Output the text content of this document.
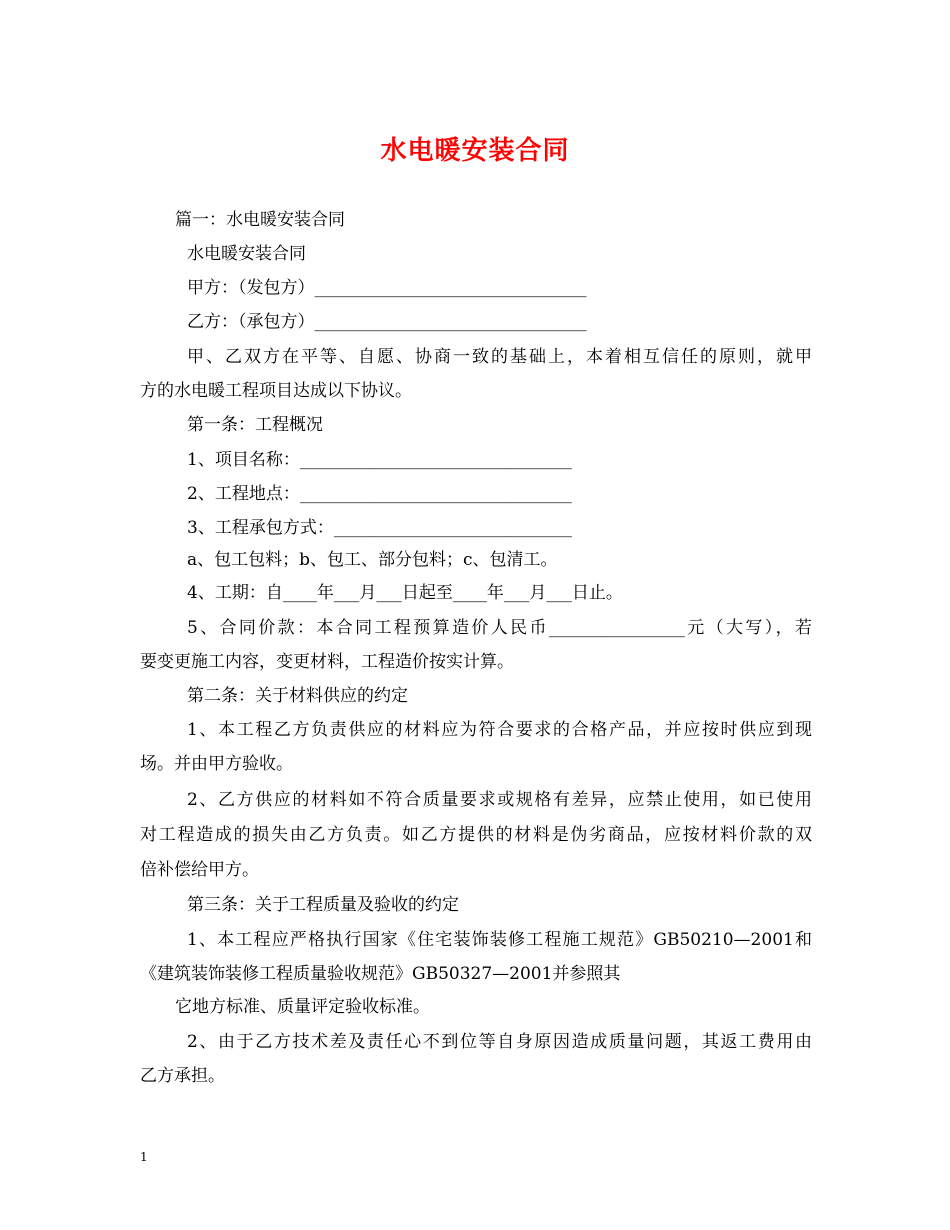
水电暖安装合同
篇一：水电暖安装合同
水电暖安装合同
甲方：（发包方）________________________________
乙方：（承包方）________________________________
甲、乙双方在平等、自愿、协商一致的基础上，本着相互信任的原则，就甲
方的水电暖工程项目达成以下协议。
第一条：工程概况
1、项目名称：________________________________
2、工程地点：________________________________
3、工程承包方式：____________________________
a、包工包料；b、包工、部分包料；c、包清工。
4、工期：自____年___月___日起至____年___月___日止。
5、合同价款：本合同工程预算造价人民币________________元（大写），若
要变更施工内容，变更材料，工程造价按实计算。
第二条：关于材料供应的约定
1、本工程乙方负责供应的材料应为符合要求的合格产品，并应按时供应到现
场。并由甲方验收。
2、乙方供应的材料如不符合质量要求或规格有差异，应禁止使用，如已使用
对工程造成的损失由乙方负责。如乙方提供的材料是伪劣商品，应按材料价款的双
倍补偿给甲方。
第三条：关于工程质量及验收的约定
1、本工程应严格执行国家《住宅装饰装修工程施工规范》GB50210—2001和
《建筑装饰装修工程质量验收规范》GB50327—2001并参照其
它地方标准、质量评定验收标准。
2、由于乙方技术差及责任心不到位等自身原因造成质量问题，其返工费用由
乙方承担。
1
